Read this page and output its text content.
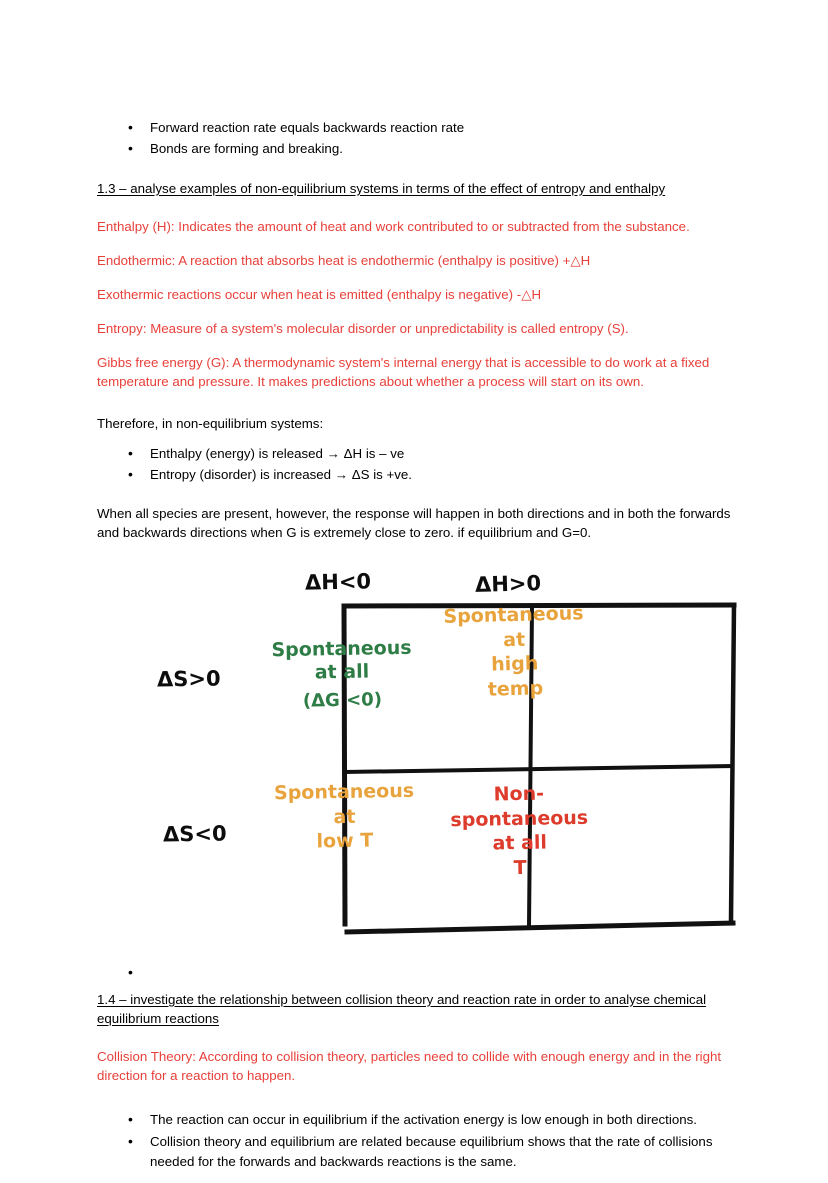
• Forward reaction rate equals backwards reaction rate
• Bonds are forming and breaking.

1.3 – analyse examples of non-equilibrium systems in terms of the effect of entropy and enthalpy

Enthalpy (H): Indicates the amount of heat and work contributed to or subtracted from the substance.

Endothermic: A reaction that absorbs heat is endothermic (enthalpy is positive) +△H

Exothermic reactions occur when heat is emitted (enthalpy is negative) -△H

Entropy: Measure of a system's molecular disorder or unpredictability is called entropy (S).

Gibbs free energy (G): A thermodynamic system's internal energy that is accessible to do work at a fixed temperature and pressure. It makes predictions about whether a process will start on its own.

Therefore, in non-equilibrium systems:

• Enthalpy (energy) is released → ΔH is – ve
• Entropy (disorder) is increased → ΔS is +ve.

When all species are present, however, the response will happen in both directions and in both the forwards and backwards directions when G is extremely close to zero. if equilibrium and G=0.

ΔH<0	ΔH>0
ΔS>0
ΔS<0
Spontaneous
at all
(ΔG <0)
Spontaneous
at
high
temp
Spontaneous
at
low T
Non-spontaneous
at all
T
•

1.4 – investigate the relationship between collision theory and reaction rate in order to analyse chemical equilibrium reactions

Collision Theory: According to collision theory, particles need to collide with enough energy and in the right direction for a reaction to happen.

• The reaction can occur in equilibrium if the activation energy is low enough in both directions.
• Collision theory and equilibrium are related because equilibrium shows that the rate of collisions needed for the forwards and backwards reactions is the same.
